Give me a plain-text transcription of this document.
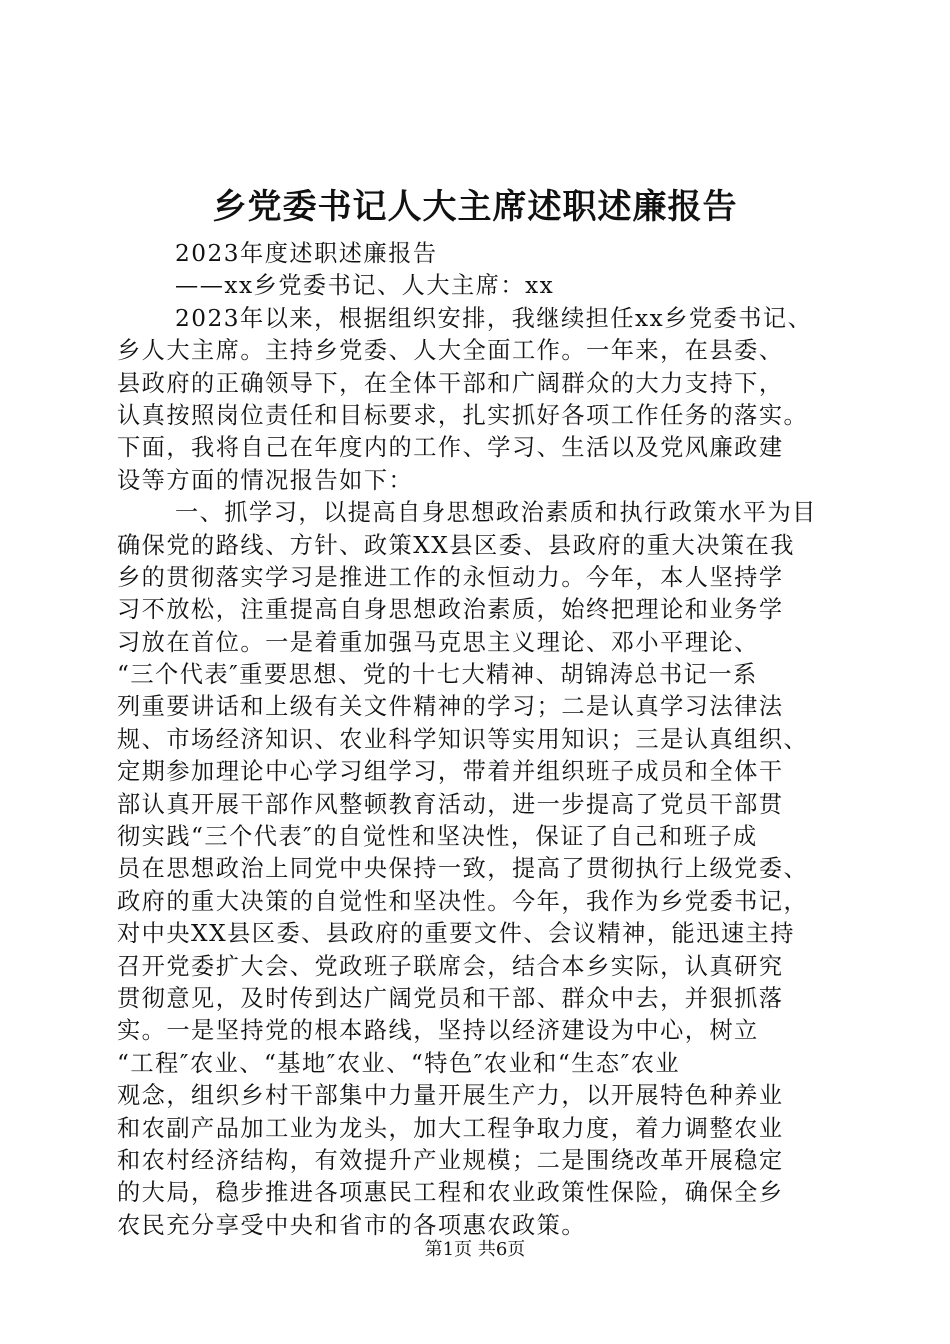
乡党委书记人大主席述职述廉报告
2023年度述职述廉报告
——xx乡党委书记、人大主席：xx
2023年以来，根据组织安排，我继续担任xx乡党委书记、
乡人大主席。主持乡党委、人大全面工作。一年来，在县委、
县政府的正确领导下，在全体干部和广阔群众的大力支持下，
认真按照岗位责任和目标要求，扎实抓好各项工作任务的落实。
下面，我将自己在年度内的工作、学习、生活以及党风廉政建
设等方面的情况报告如下：
一、抓学习，以提高自身思想政治素质和执行政策水平为目
确保党的路线、方针、政策XX县区委、县政府的重大决策在我
乡的贯彻落实学习是推进工作的永恒动力。今年，本人坚持学
习不放松，注重提高自身思想政治素质，始终把理论和业务学
习放在首位。一是着重加强马克思主义理论、邓小平理论、
“三个代表″重要思想、党的十七大精神、胡锦涛总书记一系
列重要讲话和上级有关文件精神的学习；二是认真学习法律法
规、市场经济知识、农业科学知识等实用知识；三是认真组织、
定期参加理论中心学习组学习，带着并组织班子成员和全体干
部认真开展干部作风整顿教育活动，进一步提高了党员干部贯
彻实践“三个代表″的自觉性和坚决性，保证了自己和班子成
员在思想政治上同党中央保持一致，提高了贯彻执行上级党委、
政府的重大决策的自觉性和坚决性。今年，我作为乡党委书记，
对中央XX县区委、县政府的重要文件、会议精神，能迅速主持
召开党委扩大会、党政班子联席会，结合本乡实际，认真研究
贯彻意见，及时传到达广阔党员和干部、群众中去，并狠抓落
实。一是坚持党的根本路线，坚持以经济建设为中心，树立
“工程″农业、“基地″农业、“特色″农业和“生态″农业
观念，组织乡村干部集中力量开展生产力，以开展特色种养业
和农副产品加工业为龙头，加大工程争取力度，着力调整农业
和农村经济结构，有效提升产业规模；二是围绕改革开展稳定
的大局，稳步推进各项惠民工程和农业政策性保险，确保全乡
农民充分享受中央和省市的各项惠农政策。
第1页 共6页
